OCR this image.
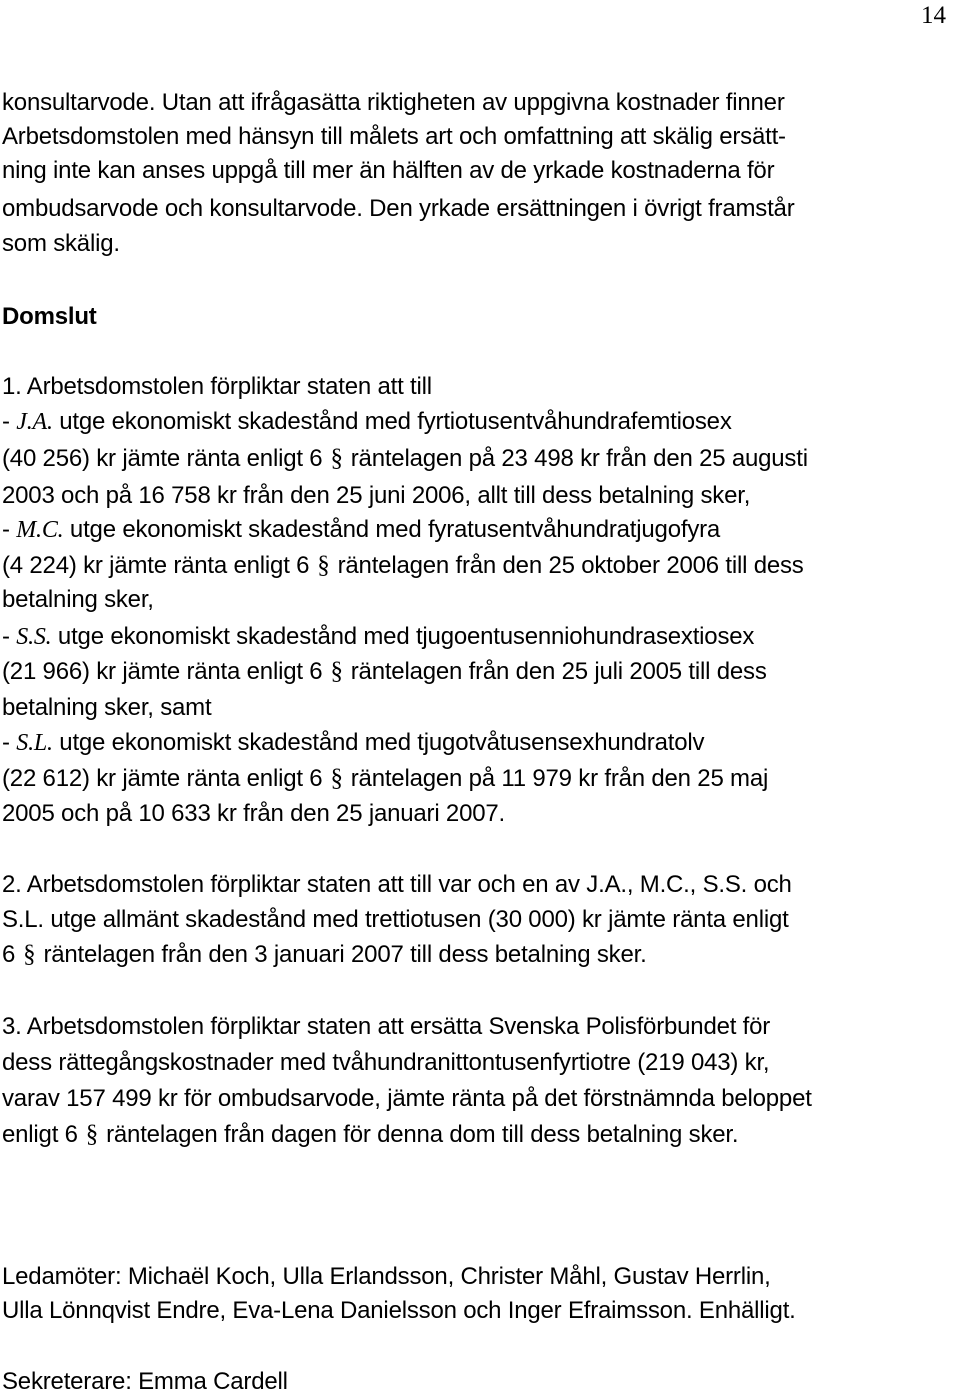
14
konsultarvode. Utan att ifrågasätta riktigheten av uppgivna kostnader finner
Arbetsdomstolen med hänsyn till målets art och omfattning att skälig ersätt-
ning inte kan anses uppgå till mer än hälften av de yrkade kostnaderna för
ombudsarvode och konsultarvode. Den yrkade ersättningen i övrigt framstår
som skälig.
Domslut
1. Arbetsdomstolen förpliktar staten att till
- J.A. utge ekonomiskt skadestånd med fyrtiotusentvåhundrafemtiosex
(40 256) kr jämte ränta enligt 6 § räntelagen på 23 498 kr från den 25 augusti
2003 och på 16 758 kr från den 25 juni 2006, allt till dess betalning sker,
- M.C. utge ekonomiskt skadestånd med fyratusentvåhundratjugofyra
(4 224) kr jämte ränta enligt 6 § räntelagen från den 25 oktober 2006 till dess
betalning sker,
- S.S. utge ekonomiskt skadestånd med tjugoentusenniohundrasextiosex
(21 966) kr jämte ränta enligt 6 § räntelagen från den 25 juli 2005 till dess
betalning sker, samt
- S.L. utge ekonomiskt skadestånd med tjugotvåtusensexhundratolv
(22 612) kr jämte ränta enligt 6 § räntelagen på 11 979 kr från den 25 maj
2005 och på 10 633 kr från den 25 januari 2007.
2. Arbetsdomstolen förpliktar staten att till var och en av J.A., M.C., S.S. och
S.L. utge allmänt skadestånd med trettiotusen (30 000) kr jämte ränta enligt
6 § räntelagen från den 3 januari 2007 till dess betalning sker.
3. Arbetsdomstolen förpliktar staten att ersätta Svenska Polisförbundet för
dess rättegångskostnader med tvåhundranittontusenfyrtiotre (219 043) kr,
varav 157 499 kr för ombudsarvode, jämte ränta på det förstnämnda beloppet
enligt 6 § räntelagen från dagen för denna dom till dess betalning sker.
Ledamöter: Michaël Koch, Ulla Erlandsson, Christer Måhl, Gustav Herrlin,
Ulla Lönnqvist Endre, Eva-Lena Danielsson och Inger Efraimsson. Enhälligt.
Sekreterare: Emma Cardell
